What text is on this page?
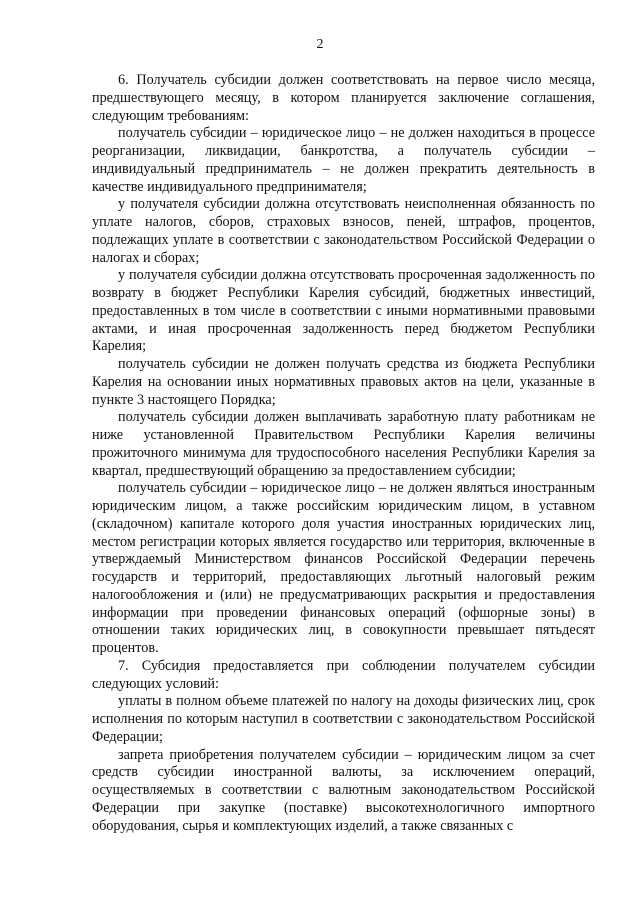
2

6. Получатель субсидии должен соответствовать на первое число месяца, предшествующего месяцу, в котором планируется заключение соглашения, следующим требованиям:

получатель субсидии – юридическое лицо – не должен находиться в процессе реорганизации, ликвидации, банкротства, а получатель субсидии – индивидуальный предприниматель – не должен прекратить деятельность в качестве индивидуального предпринимателя;

у получателя субсидии должна отсутствовать неисполненная обязанность по уплате налогов, сборов, страховых взносов, пеней, штрафов, процентов, подлежащих уплате в соответствии с законодательством Российской Федерации о налогах и сборах;

у получателя субсидии должна отсутствовать просроченная задолженность по возврату в бюджет Республики Карелия субсидий, бюджетных инвестиций, предоставленных в том числе в соответствии с иными нормативными правовыми актами, и иная просроченная задолженность перед бюджетом Республики Карелия;

получатель субсидии не должен получать средства из бюджета Республики Карелия на основании иных нормативных правовых актов на цели, указанные в пункте 3 настоящего Порядка;

получатель субсидии должен выплачивать заработную плату работникам не ниже установленной Правительством Республики Карелия величины прожиточного минимума для трудоспособного населения Республики Карелия за квартал, предшествующий обращению за предоставлением субсидии;

получатель субсидии – юридическое лицо – не должен являться иностранным юридическим лицом, а также российским юридическим лицом, в уставном (складочном) капитале которого доля участия иностранных юридических лиц, местом регистрации которых является государство или территория, включенные в утверждаемый Министерством финансов Российской Федерации перечень государств и территорий, предоставляющих льготный налоговый режим налогообложения и (или) не предусматривающих раскрытия и предоставления информации при проведении финансовых операций (офшорные зоны) в отношении таких юридических лиц, в совокупности превышает пятьдесят процентов.

7. Субсидия предоставляется при соблюдении получателем субсидии следующих условий:

уплаты в полном объеме платежей по налогу на доходы физических лиц, срок исполнения по которым наступил в соответствии с законодательством Российской Федерации;

запрета приобретения получателем субсидии – юридическим лицом за счет средств субсидии иностранной валюты, за исключением операций, осуществляемых в соответствии с валютным законодательством Российской Федерации при закупке (поставке) высокотехнологичного импортного оборудования, сырья и комплектующих изделий, а также связанных с
